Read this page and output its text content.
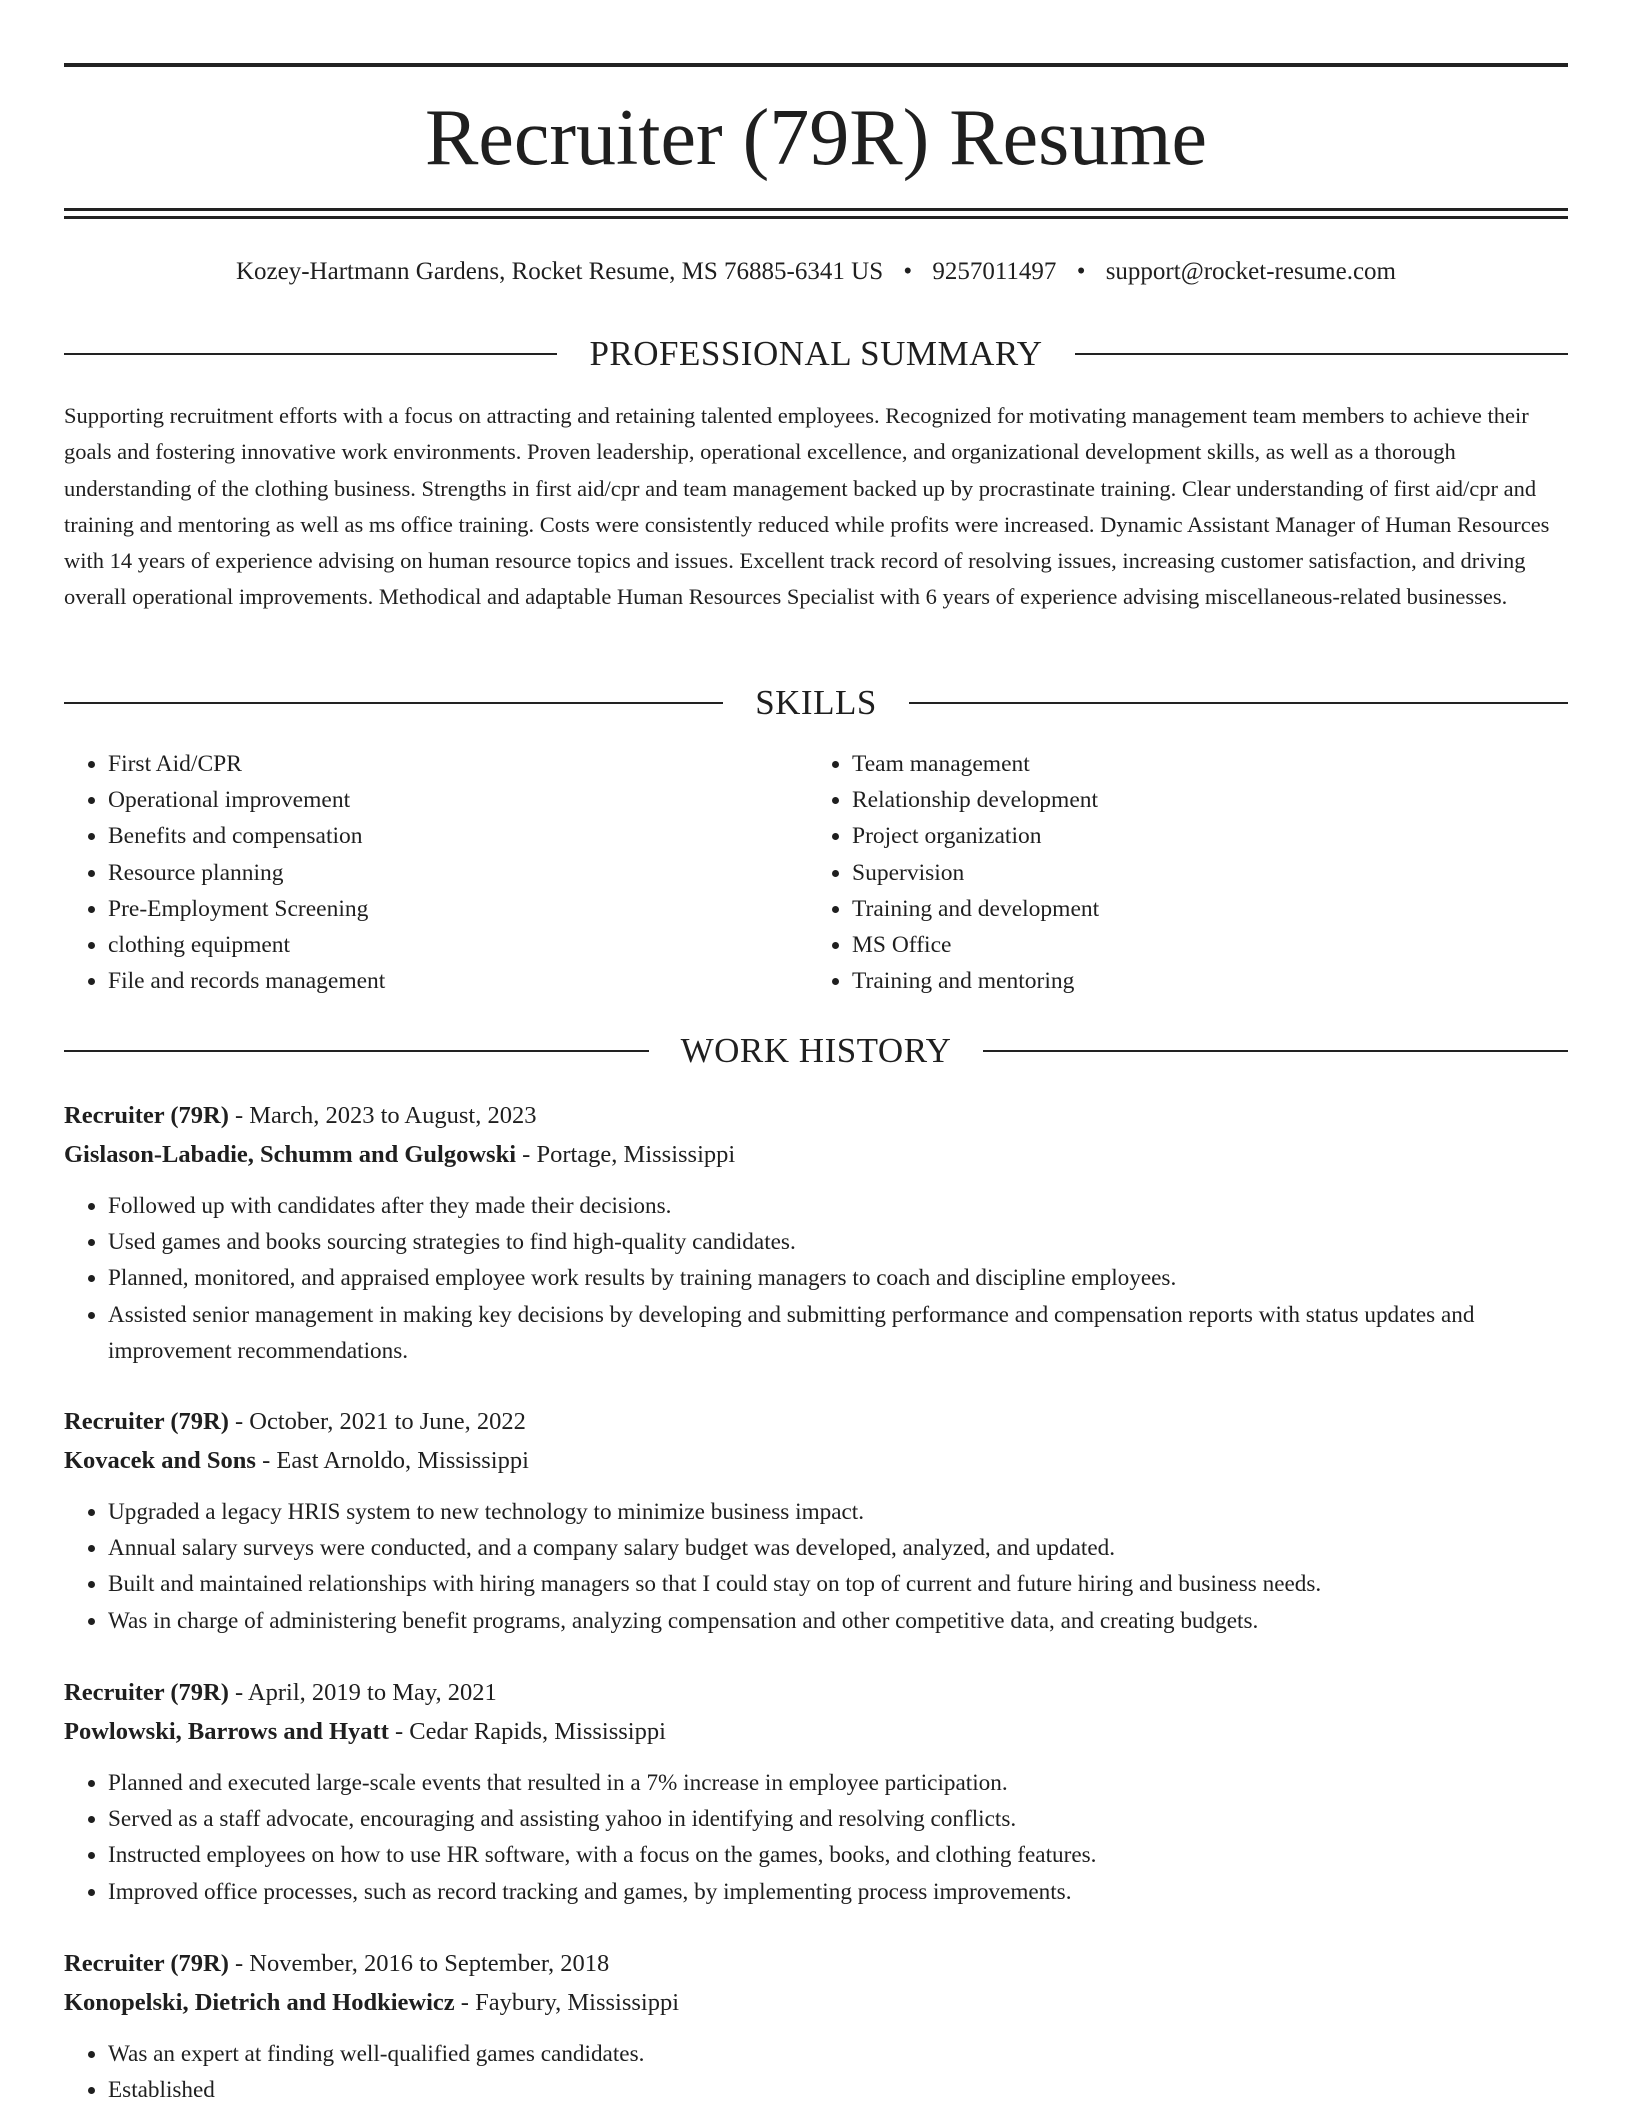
Recruiter (79R) Resume
Kozey-Hartmann Gardens, Rocket Resume, MS 76885-6341 US • 9257011497 • support@rocket-resume.com
PROFESSIONAL SUMMARY

Supporting recruitment efforts with a focus on attracting and retaining talented employees. Recognized for motivating management team members to achieve their goals and fostering innovative work environments. Proven leadership, operational excellence, and organizational development skills, as well as a thorough understanding of the clothing business. Strengths in first aid/cpr and team management backed up by procrastinate training. Clear understanding of first aid/cpr and training and mentoring as well as ms office training. Costs were consistently reduced while profits were increased. Dynamic Assistant Manager of Human Resources with 14 years of experience advising on human resource topics and issues. Excellent track record of resolving issues, increasing customer satisfaction, and driving overall operational improvements. Methodical and adaptable Human Resources Specialist with 6 years of experience advising miscellaneous-related businesses.

SKILLS
• First Aid/CPR
• Operational improvement
• Benefits and compensation
• Resource planning
• Pre-Employment Screening
• clothing equipment
• File and records management
• Team management
• Relationship development
• Project organization
• Supervision
• Training and development
• MS Office
• Training and mentoring
WORK HISTORY
Recruiter (79R) - March, 2023 to August, 2023
Gislason-Labadie, Schumm and Gulgowski - Portage, Mississippi
• Followed up with candidates after they made their decisions.
• Used games and books sourcing strategies to find high-quality candidates.
• Planned, monitored, and appraised employee work results by training managers to coach and discipline employees.
• Assisted senior management in making key decisions by developing and submitting performance and compensation reports with status updates and improvement recommendations.
Recruiter (79R) - October, 2021 to June, 2022
Kovacek and Sons - East Arnoldo, Mississippi
• Upgraded a legacy HRIS system to new technology to minimize business impact.
• Annual salary surveys were conducted, and a company salary budget was developed, analyzed, and updated.
• Built and maintained relationships with hiring managers so that I could stay on top of current and future hiring and business needs.
• Was in charge of administering benefit programs, analyzing compensation and other competitive data, and creating budgets.
Recruiter (79R) - April, 2019 to May, 2021
Powlowski, Barrows and Hyatt - Cedar Rapids, Mississippi
• Planned and executed large-scale events that resulted in a 7% increase in employee participation.
• Served as a staff advocate, encouraging and assisting yahoo in identifying and resolving conflicts.
• Instructed employees on how to use HR software, with a focus on the games, books, and clothing features.
• Improved office processes, such as record tracking and games, by implementing process improvements.
Recruiter (79R) - November, 2016 to September, 2018
Konopelski, Dietrich and Hodkiewicz - Faybury, Mississippi
• Was an expert at finding well-qualified games candidates.
• Established
